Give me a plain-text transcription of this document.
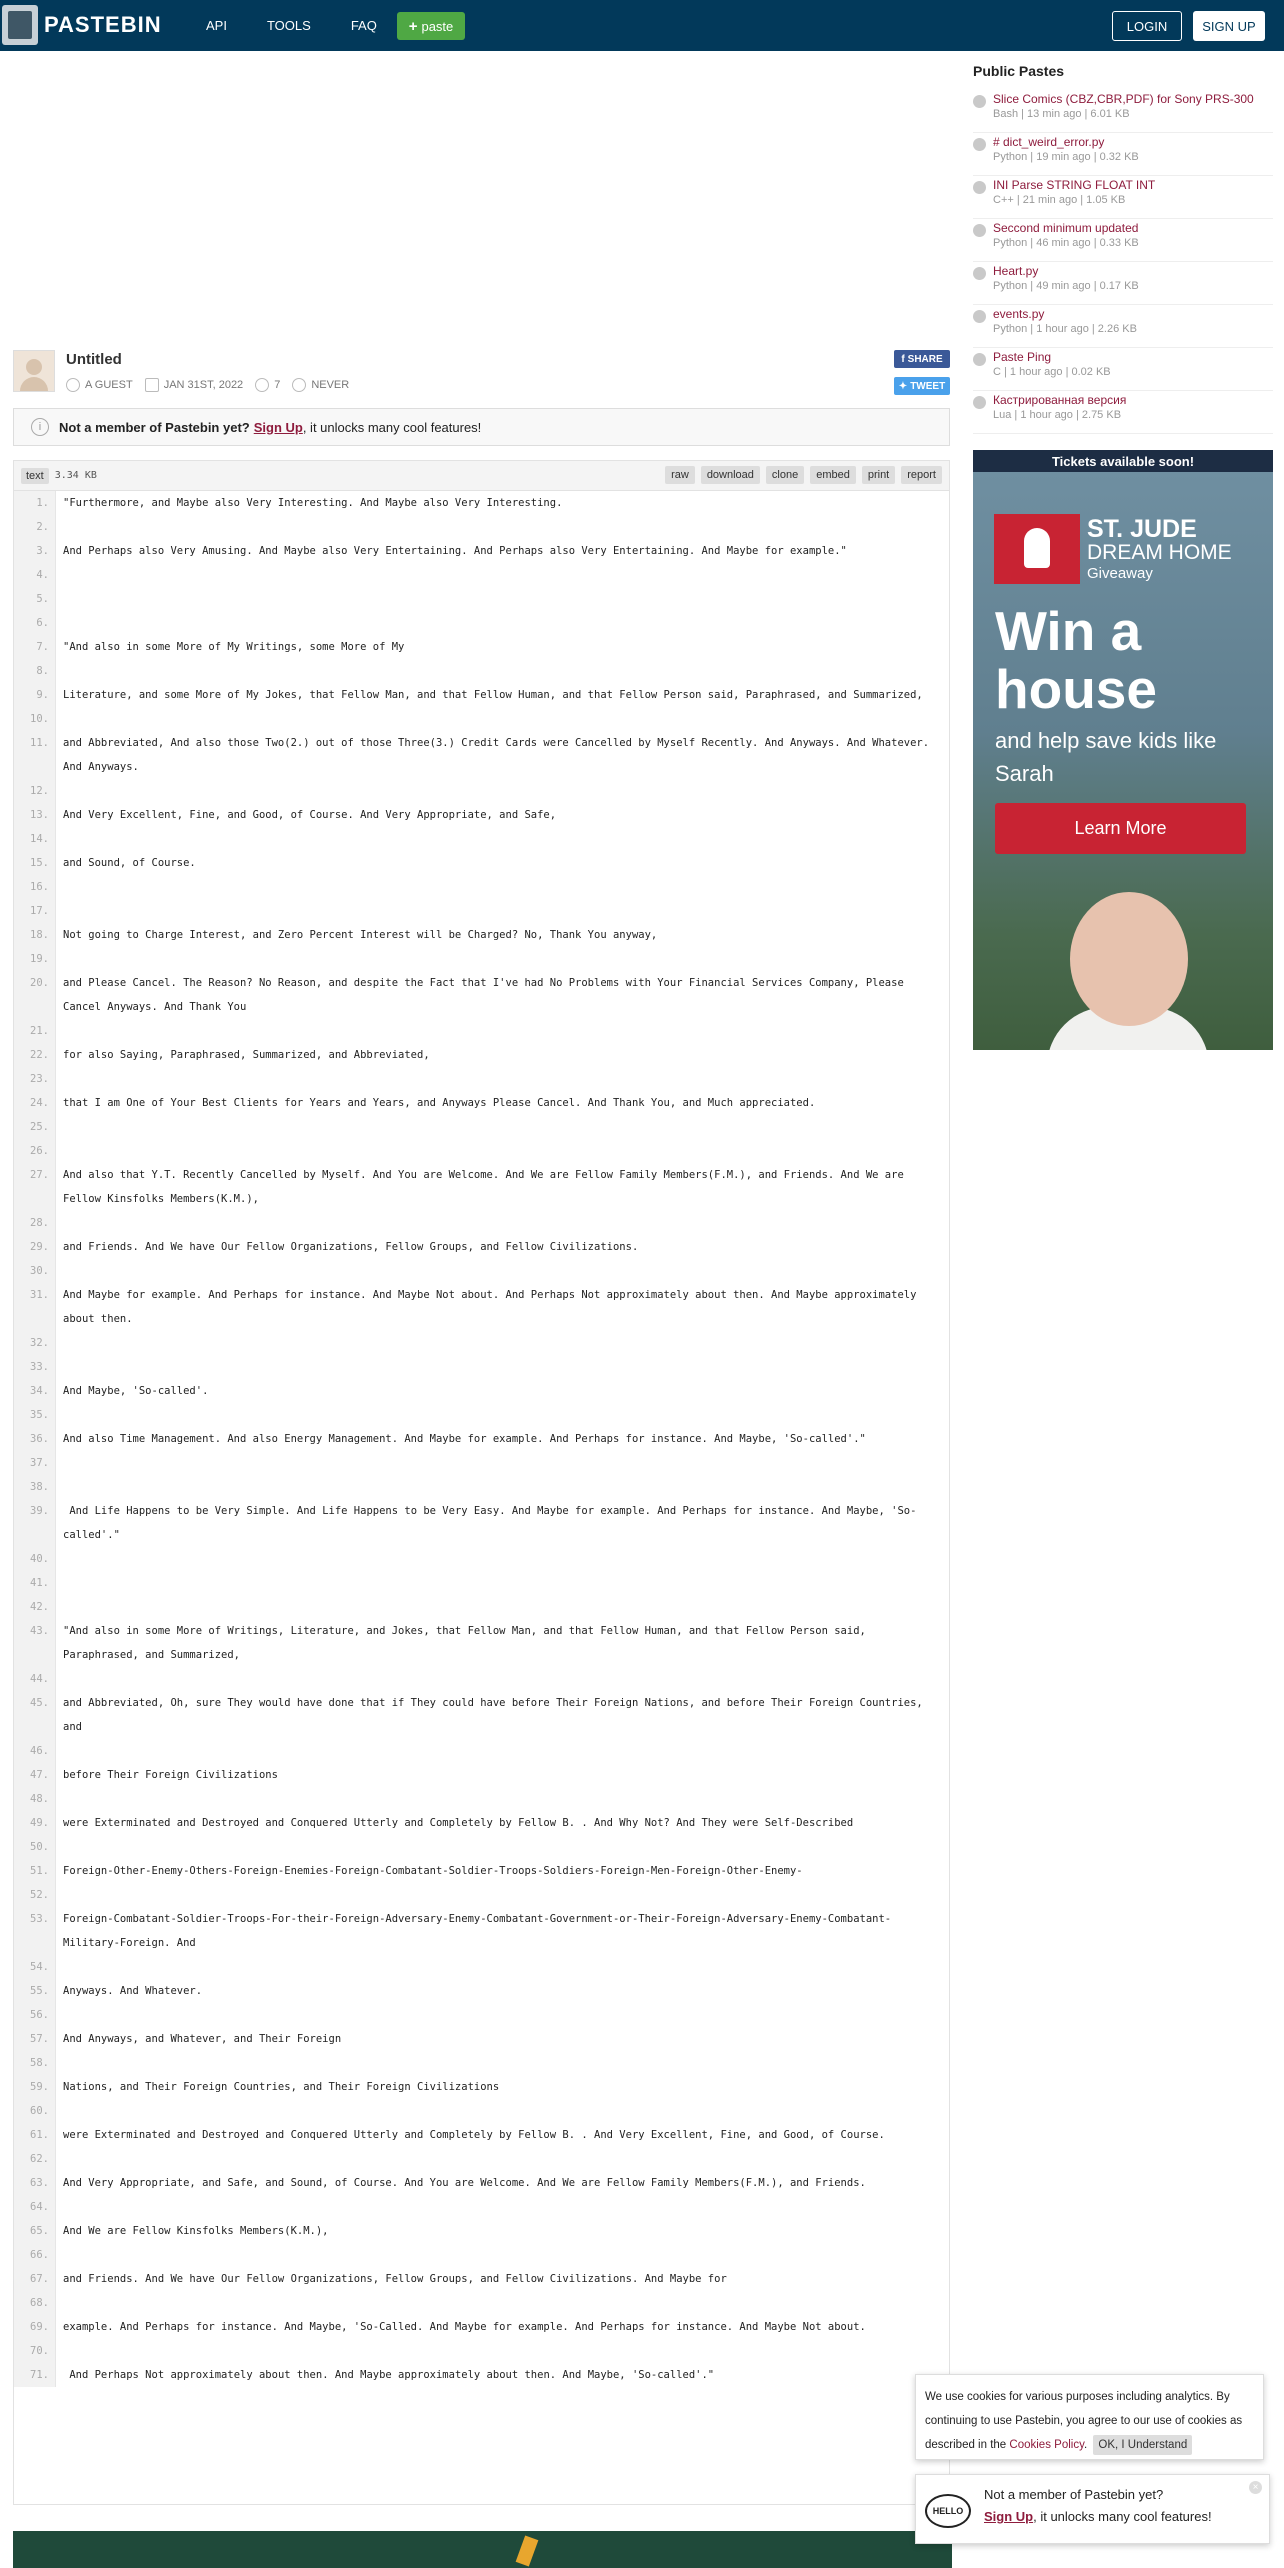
PASTEBIN	API	TOOLS	FAQ + paste	LOGIN	SIGN UP
Untitled
A GUEST	JAN 31ST, 2022	7	NEVER
f SHARE
✦ TWEET
i	Not a member of Pastebin yet? Sign Up , it unlocks many cool features!
text	3.34 KB	raw	download	clone	embed	print	report
1.	"Furthermore, and Maybe also Very Interesting. And Maybe also Very Interesting.
2.
3.	And Perhaps also Very Amusing. And Maybe also Very Entertaining. And Perhaps also Very Entertaining. And Maybe for example."
4.
5.
6.
7.	"And also in some More of My Writings, some More of My
8.
9.	Literature, and some More of My Jokes, that Fellow Man, and that Fellow Human, and that Fellow Person said, Paraphrased, and Summarized,
10.
11.	and Abbreviated, And also those Two(2.) out of those Three(3.) Credit Cards were Cancelled by Myself Recently. And Anyways. And Whatever. And Anyways.
12.
13.	And Very Excellent, Fine, and Good, of Course. And Very Appropriate, and Safe,
14.
15.	and Sound, of Course.
16.
17.
18.	Not going to Charge Interest, and Zero Percent Interest will be Charged? No, Thank You anyway,
19.
20.	and Please Cancel. The Reason? No Reason, and despite the Fact that I've had No Problems with Your Financial Services Company, Please Cancel Anyways. And Thank You
21.
22.	for also Saying, Paraphrased, Summarized, and Abbreviated,
23.
24.	that I am One of Your Best Clients for Years and Years, and Anyways Please Cancel. And Thank You, and Much appreciated.
25.
26.
27.	And also that Y.T. Recently Cancelled by Myself. And You are Welcome. And We are Fellow Family Members(F.M.), and Friends. And We are Fellow Kinsfolks Members(K.M.),
28.
29.	and Friends. And We have Our Fellow Organizations, Fellow Groups, and Fellow Civilizations.
30.
31.	And Maybe for example. And Perhaps for instance. And Maybe Not about. And Perhaps Not approximately about then. And Maybe approximately about then.
32.
33.
34.	And Maybe, 'So-called'.
35.
36.	And also Time Management. And also Energy Management. And Maybe for example. And Perhaps for instance. And Maybe, 'So-called'."
37.
38.
39.	And Life Happens to be Very Simple. And Life Happens to be Very Easy. And Maybe for example. And Perhaps for instance. And Maybe, 'So-called'."
40.
41.
42.
43.	"And also in some More of Writings, Literature, and Jokes, that Fellow Man, and that Fellow Human, and that Fellow Person said, Paraphrased, and Summarized,
44.
45.	and Abbreviated, Oh, sure They would have done that if They could have before Their Foreign Nations, and before Their Foreign Countries, and
46.
47.	before Their Foreign Civilizations
48.
49.	were Exterminated and Destroyed and Conquered Utterly and Completely by Fellow B. . And Why Not? And They were Self-Described
50.
51.	Foreign-Other-Enemy-Others-Foreign-Enemies-Foreign-Combatant-Soldier-Troops-Soldiers-Foreign-Men-Foreign-Other-Enemy-
52.
53.	Foreign-Combatant-Soldier-Troops-For-their-Foreign-Adversary-Enemy-Combatant-Government-or-Their-Foreign-Adversary-Enemy-Combatant-Military-Foreign. And
54.
55.	Anyways. And Whatever.
56.
57.	And Anyways, and Whatever, and Their Foreign
58.
59.	Nations, and Their Foreign Countries, and Their Foreign Civilizations
60.
61.	were Exterminated and Destroyed and Conquered Utterly and Completely by Fellow B. . And Very Excellent, Fine, and Good, of Course.
62.
63.	And Very Appropriate, and Safe, and Sound, of Course. And You are Welcome. And We are Fellow Family Members(F.M.), and Friends.
64.
65.	And We are Fellow Kinsfolks Members(K.M.),
66.
67.	and Friends. And We have Our Fellow Organizations, Fellow Groups, and Fellow Civilizations. And Maybe for
68.
69.	example. And Perhaps for instance. And Maybe, 'So-Called. And Maybe for example. And Perhaps for instance. And Maybe Not about.
70.
71.	And Perhaps Not approximately about then. And Maybe approximately about then. And Maybe, 'So-called'."
Public Pastes
Slice Comics (CBZ,CBR,PDF) for Sony PRS-300
Bash | 13 min ago | 6.01 KB
# dict_weird_error.py
Python | 19 min ago | 0.32 KB
INI Parse STRING FLOAT INT
C++ | 21 min ago | 1.05 KB
Seccond minimum updated
Python | 46 min ago | 0.33 KB
Heart.py
Python | 49 min ago | 0.17 KB
events.py
Python | 1 hour ago | 2.26 KB
Paste Ping
C | 1 hour ago | 0.02 KB
Кастрированная версия
Lua | 1 hour ago | 2.75 KB
Tickets available soon!
ST. JUDE
DREAM HOME
Giveaway
Win a house
and help save kids like Sarah
Learn More
We use cookies for various purposes including analytics. By continuing to use Pastebin, you agree to our use of cookies as described in the Cookies Policy. OK, I Understand
HELLO
Not a member of Pastebin yet?
Sign Up, it unlocks many cool features!
×
